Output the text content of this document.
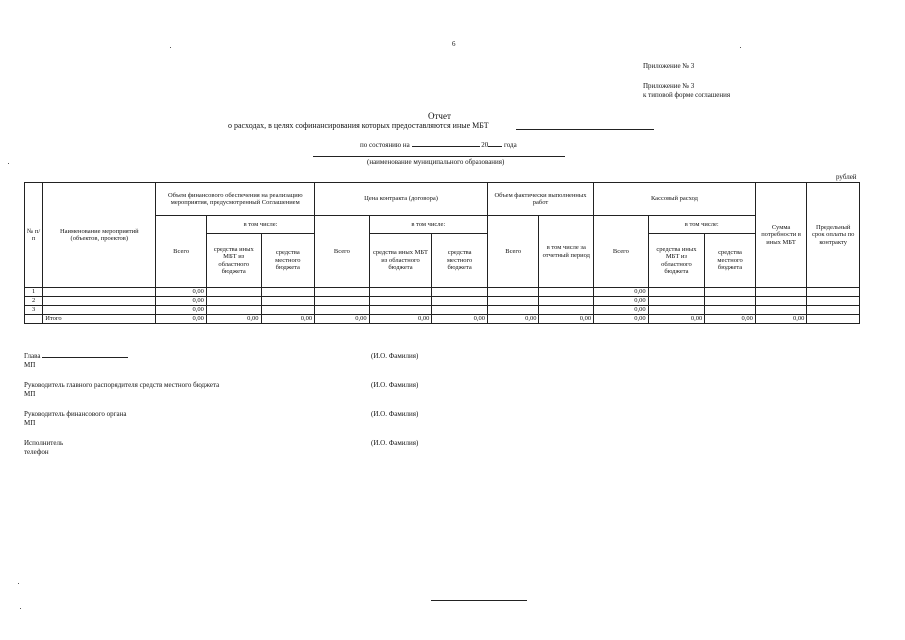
6
Приложение № 3
Приложение № 3
к типовой форме соглашения
Отчет
о расходах, в целях софинансирования которых предоставляются иные МБТ
по состоянию на	20 года
(наименование муниципального образования)
рублей
№ п/п	Наименование мероприятий (объектов, проектов)	Объем финансового обеспечения на реализацию мероприятия, предусмотренный Соглашением			Цена контракта (договора)			Объем фактически выполненных работ		Кассовый расход			Сумма потребности в иных МБТ	Предельный срок оплаты по контракту
		Всего	в том числе:		Всего	в том числе:		Всего	в том числе за отчетный период	Всего	в том числе:			
			средства иных МБТ из областного бюджета	средства местного бюджета		средства иных МБТ из областного бюджета	средства местного бюджета				средства иных МБТ из областного бюджета	средства местного бюджета		
1		0,00								0,00				
2		0,00								0,00				
3		0,00								0,00				
	Итого	0,00	0,00	0,00	0,00	0,00	0,00	0,00	0,00	0,00	0,00	0,00	0,00	
Глава
МП
(И.О. Фамилия)
Руководитель главного распорядителя средств местного бюджета
МП
(И.О. Фамилия)
Руководитель финансового органа
МП
(И.О. Фамилия)
Исполнитель
телефон
(И.О. Фамилия)
